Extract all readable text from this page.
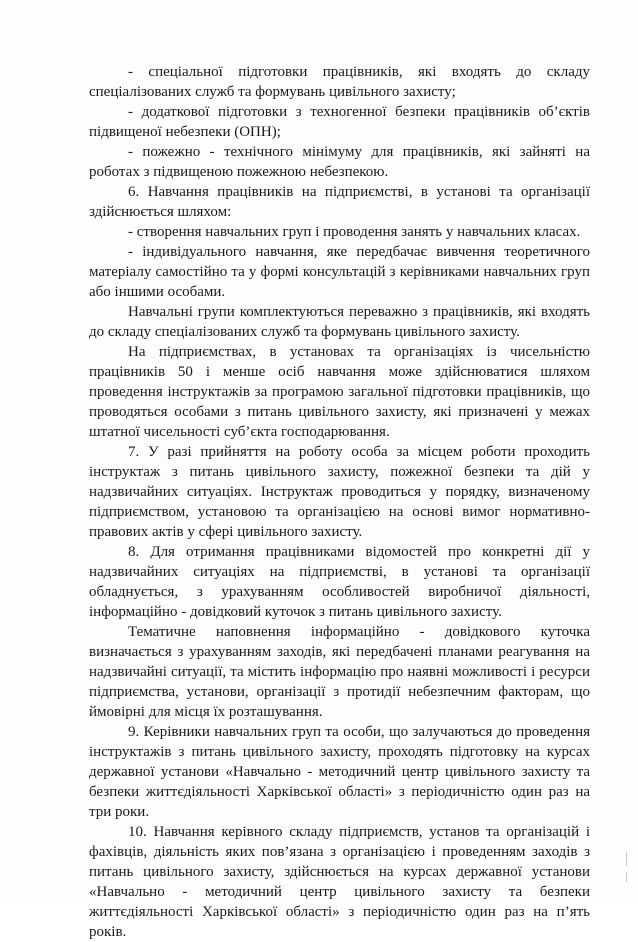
- спеціальної підготовки працівників, які входять до складу спеціалізованих служб та формувань цивільного захисту;

- додаткової підготовки з техногенної безпеки працівників об’єктів підвищеної небезпеки (ОПН);

- пожежно - технічного мінімуму для працівників, які зайняті на роботах з підвищеною пожежною небезпекою.

6. Навчання працівників на підприємстві, в установі та організації здійснюється шляхом:

- створення навчальних груп і проводення занять у навчальних класах.

- індивідуального навчання, яке передбачає вивчення теоретичного матеріалу самостійно та у формі консультацій з керівниками навчальних груп або іншими особами.

Навчальні групи комплектуються переважно з працівників, які входять до складу спеціалізованих служб та формувань цивільного захисту.

На підприємствах, в установах та організаціях із чисельністю працівників 50 і менше осіб навчання може здійснюватися шляхом проведення інструктажів за програмою загальної підготовки працівників, що проводяться особами з питань цивільного захисту, які призначені у межах штатної чисельності суб’єкта господарювання.

7. У разі прийняття на роботу особа за місцем роботи проходить інструктаж з питань цивільного захисту, пожежної безпеки та дій у надзвичайних ситуаціях. Інструктаж проводиться у порядку, визначеному підприємством, установою та організацією на основі вимог нормативно-правових актів у сфері цивільного захисту.

8. Для отримання працівниками відомостей про конкретні дії у надзвичайних ситуаціях на підприємстві, в установі та організації обладнується, з урахуванням особливостей виробничої діяльності, інформаційно - довідковий куточок з питань цивільного захисту.

Тематичне наповнення інформаційно - довідкового куточка визначається з урахуванням заходів, які передбачені планами реагування на надзвичайні ситуації, та містить інформацію про наявні можливості і ресурси підприємства, установи, організації з протидії небезпечним факторам, що ймовірні для місця їх розташування.

9. Керівники навчальних груп та особи, що залучаються до проведення інструктажів з питань цивільного захисту, проходять підготовку на курсах державної установи «Навчально - методичний центр цивільного захисту та безпеки життєдіяльності Харківської області» з періодичністю один раз на три роки.

10. Навчання керівного складу підприємств, установ та організацій і фахівців, діяльність яких пов’язана з організацією і проведенням заходів з питань цивільного захисту, здійснюється на курсах державної установи «Навчально - методичний центр цивільного захисту та безпеки життєдіяльності Харківської області» з періодичністю один раз на п’ять років.
